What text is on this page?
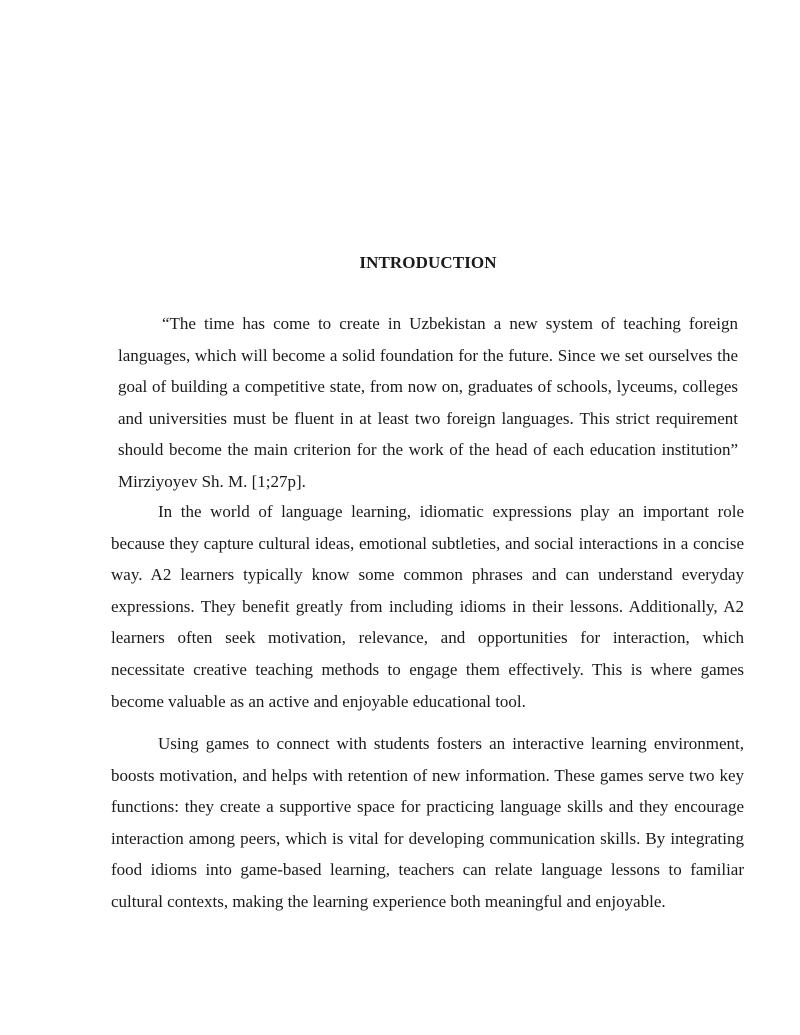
INTRODUCTION

“The time has come to create in Uzbekistan a new system of teaching foreign languages, which will become a solid foundation for the future. Since we set ourselves the goal of building a competitive state, from now on, graduates of schools, lyceums, colleges and universities must be fluent in at least two foreign languages. This strict requirement should become the main criterion for the work of the head of each education institution” Mirziyoyev Sh. M. [1;27p].

In the world of language learning, idiomatic expressions play an important role because they capture cultural ideas, emotional subtleties, and social interactions in a concise way. A2 learners typically know some common phrases and can understand everyday expressions. They benefit greatly from including idioms in their lessons. Additionally, A2 learners often seek motivation, relevance, and opportunities for interaction, which necessitate creative teaching methods to engage them effectively. This is where games become valuable as an active and enjoyable educational tool.

Using games to connect with students fosters an interactive learning environment, boosts motivation, and helps with retention of new information. These games serve two key functions: they create a supportive space for practicing language skills and they encourage interaction among peers, which is vital for developing communication skills. By integrating food idioms into game-based learning, teachers can relate language lessons to familiar cultural contexts, making the learning experience both meaningful and enjoyable.
